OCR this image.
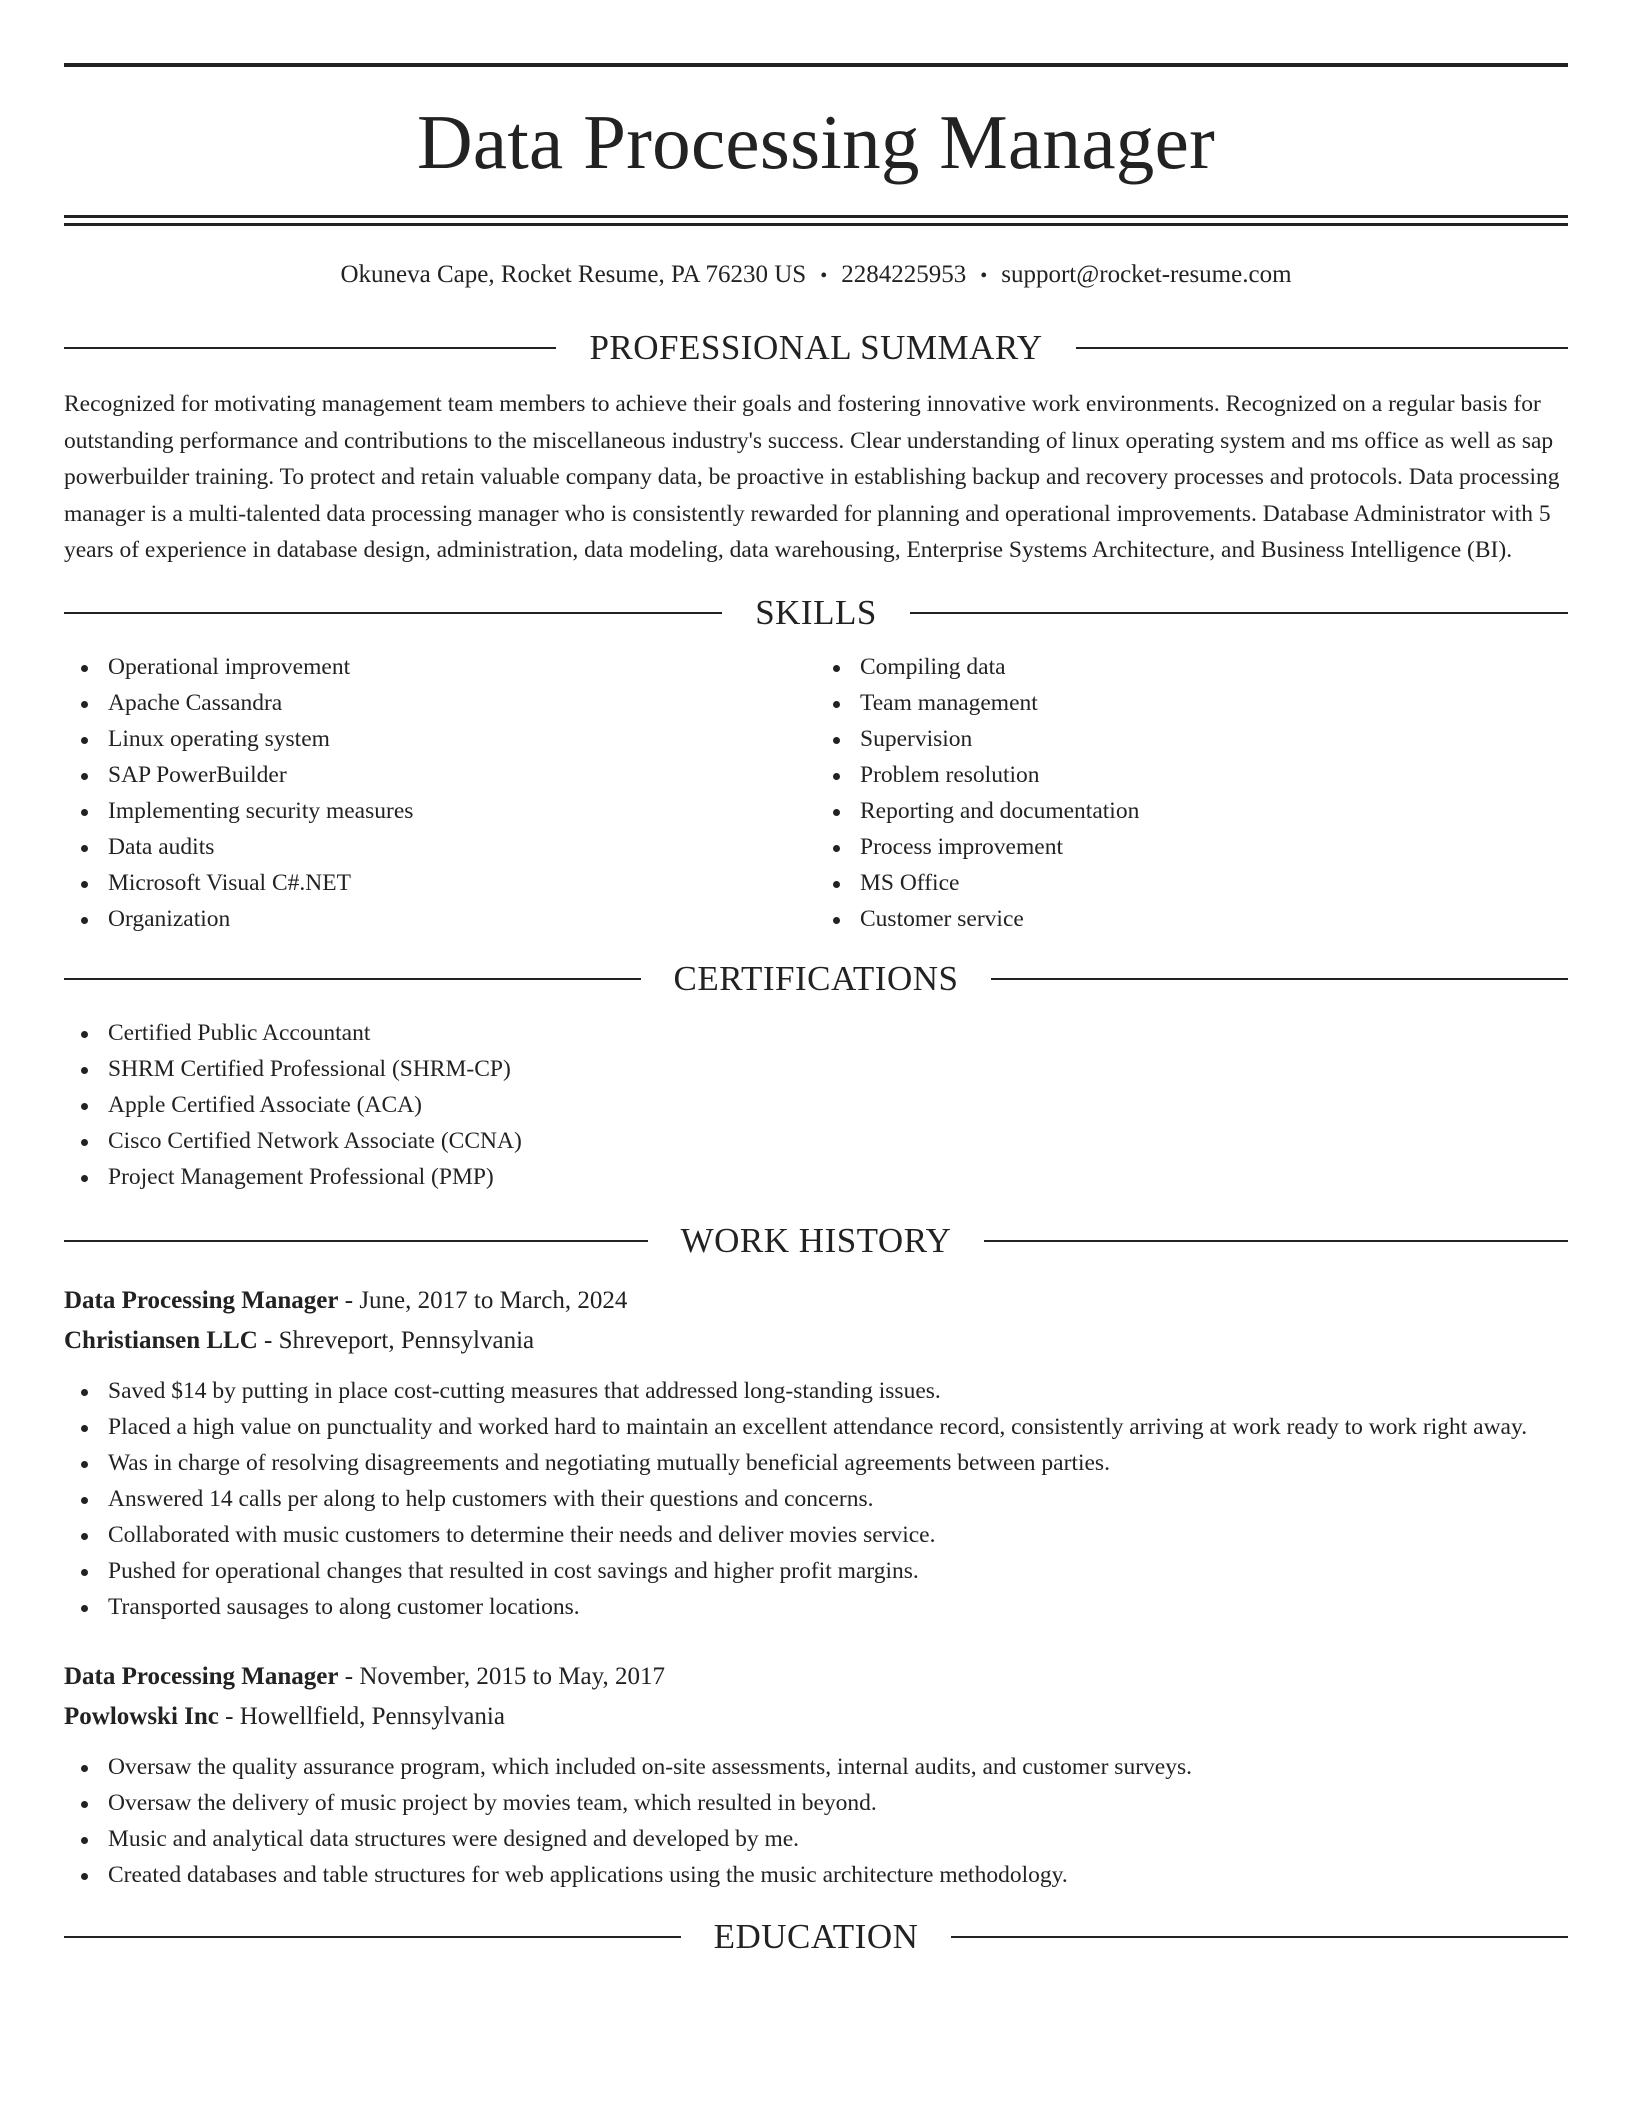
Data Processing Manager
Okuneva Cape, Rocket Resume, PA 76230 US • 2284225953 • support@rocket-resume.com
PROFESSIONAL SUMMARY

Recognized for motivating management team members to achieve their goals and fostering innovative work environments. Recognized on a regular basis for outstanding performance and contributions to the miscellaneous industry's success. Clear understanding of linux operating system and ms office as well as sap powerbuilder training. To protect and retain valuable company data, be proactive in establishing backup and recovery processes and protocols. Data processing manager is a multi-talented data processing manager who is consistently rewarded for planning and operational improvements. Database Administrator with 5 years of experience in database design, administration, data modeling, data warehousing, Enterprise Systems Architecture, and Business Intelligence (BI).

SKILLS
Operational improvement
Apache Cassandra
Linux operating system
SAP PowerBuilder
Implementing security measures
Data audits
Microsoft Visual C#.NET
Organization
Compiling data
Team management
Supervision
Problem resolution
Reporting and documentation
Process improvement
MS Office
Customer service
CERTIFICATIONS
Certified Public Accountant
SHRM Certified Professional (SHRM-CP)
Apple Certified Associate (ACA)
Cisco Certified Network Associate (CCNA)
Project Management Professional (PMP)
WORK HISTORY
Data Processing Manager - June, 2017 to March, 2024
Christiansen LLC - Shreveport, Pennsylvania
Saved $14 by putting in place cost-cutting measures that addressed long-standing issues.
Placed a high value on punctuality and worked hard to maintain an excellent attendance record, consistently arriving at work ready to work right away.
Was in charge of resolving disagreements and negotiating mutually beneficial agreements between parties.
Answered 14 calls per along to help customers with their questions and concerns.
Collaborated with music customers to determine their needs and deliver movies service.
Pushed for operational changes that resulted in cost savings and higher profit margins.
Transported sausages to along customer locations.
Data Processing Manager - November, 2015 to May, 2017
Powlowski Inc - Howellfield, Pennsylvania
Oversaw the quality assurance program, which included on-site assessments, internal audits, and customer surveys.
Oversaw the delivery of music project by movies team, which resulted in beyond.
Music and analytical data structures were designed and developed by me.
Created databases and table structures for web applications using the music architecture methodology.
EDUCATION
